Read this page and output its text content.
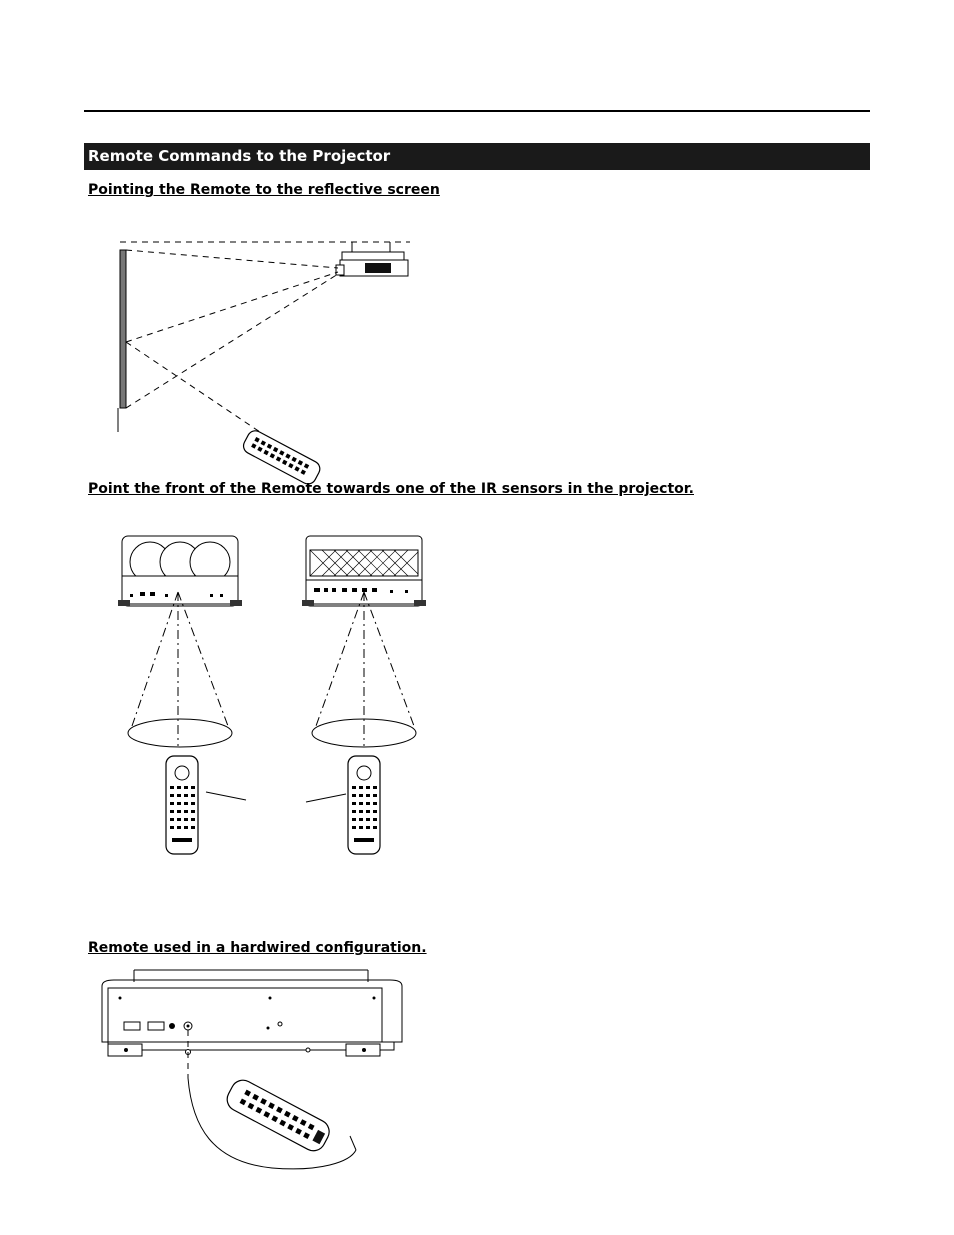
Remote Commands to the Projector
Pointing the Remote to the reflective screen
Point the front of the Remote towards one of the IR sensors in the projector.
Remote used in a hardwired configuration.
